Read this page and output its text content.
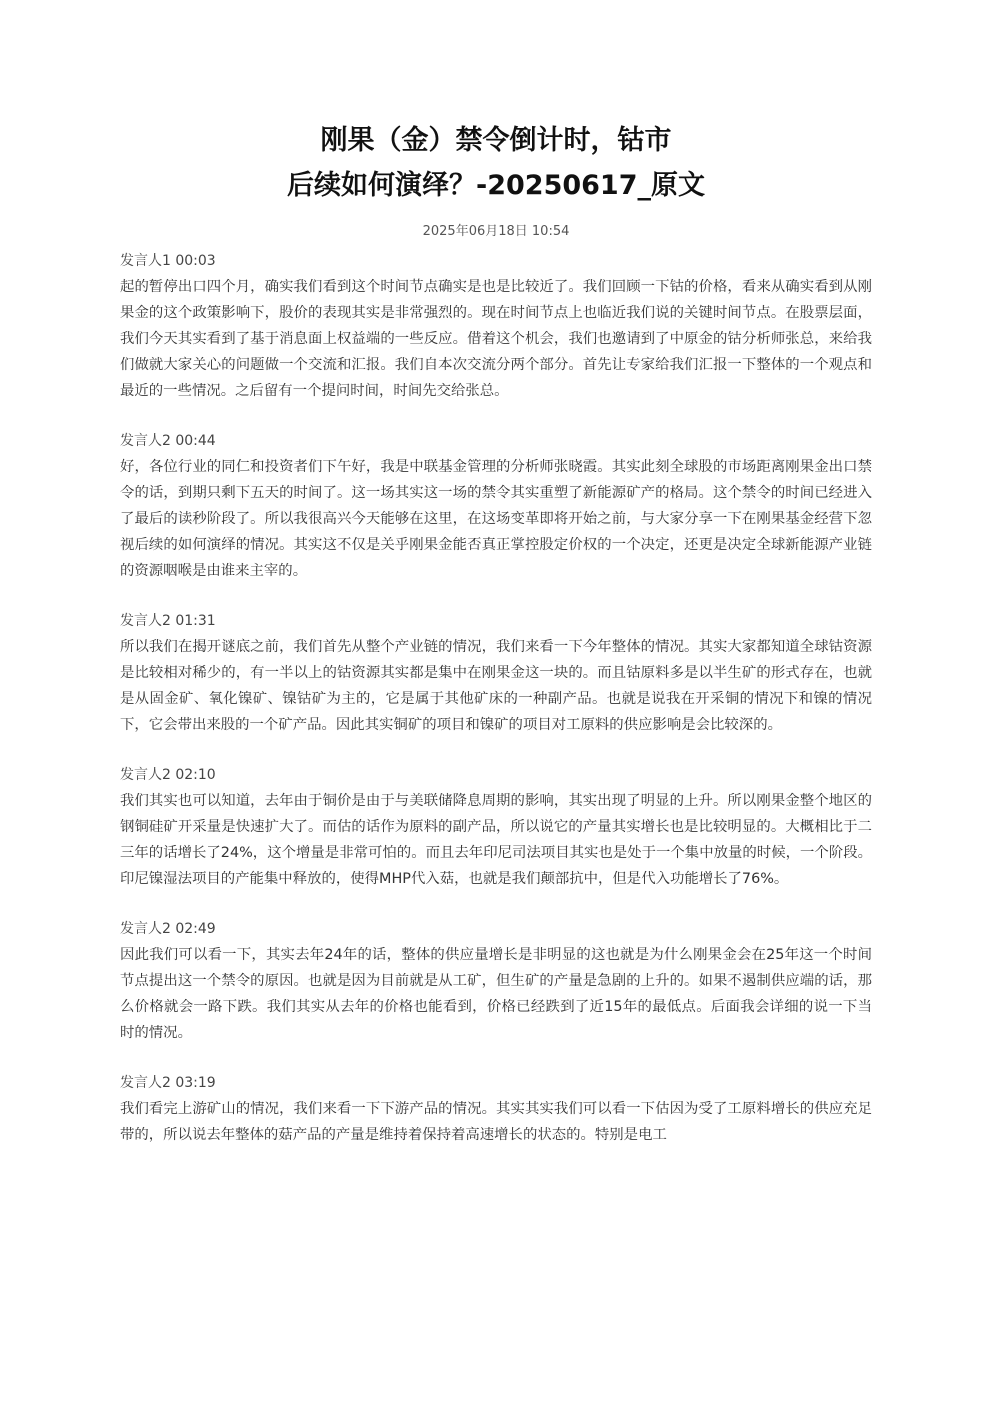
刚果（金）禁令倒计时，钴市
后续如何演绎？-20250617_原文
2025年06月18日 10:54
发言人1 00:03
起的暂停出口四个月，确实我们看到这个时间节点确实是也是比较近了。我们回顾一下钴的价格，看来从确实看到从刚果金的这个政策影响下，股价的表现其实是非常强烈的。现在时间节点上也临近我们说的关键时间节点。在股票层面，我们今天其实看到了基于消息面上权益端的一些反应。借着这个机会，我们也邀请到了中原金的钴分析师张总，来给我们做就大家关心的问题做一个交流和汇报。我们自本次交流分两个部分。首先让专家给我们汇报一下整体的一个观点和最近的一些情况。之后留有一个提问时间，时间先交给张总。
发言人2 00:44
好，各位行业的同仁和投资者们下午好，我是中联基金管理的分析师张晓霞。其实此刻全球股的市场距离刚果金出口禁令的话，到期只剩下五天的时间了。这一场其实这一场的禁令其实重塑了新能源矿产的格局。这个禁令的时间已经进入了最后的读秒阶段了。所以我很高兴今天能够在这里，在这场变革即将开始之前，与大家分享一下在刚果基金经营下忽视后续的如何演绎的情况。其实这不仅是关乎刚果金能否真正掌控股定价权的一个决定，还更是决定全球新能源产业链的资源咽喉是由谁来主宰的。
发言人2 01:31
所以我们在揭开谜底之前，我们首先从整个产业链的情况，我们来看一下今年整体的情况。其实大家都知道全球钴资源是比较相对稀少的，有一半以上的钴资源其实都是集中在刚果金这一块的。而且钴原料多是以半生矿的形式存在，也就是从固金矿、氧化镍矿、镍钴矿为主的，它是属于其他矿床的一种副产品。也就是说我在开采铜的情况下和镍的情况下，它会带出来股的一个矿产品。因此其实铜矿的项目和镍矿的项目对工原料的供应影响是会比较深的。
发言人2 02:10
我们其实也可以知道，去年由于铜价是由于与美联储降息周期的影响，其实出现了明显的上升。所以刚果金整个地区的钢铜硅矿开采量是快速扩大了。而估的话作为原料的副产品，所以说它的产量其实增长也是比较明显的。大概相比于二三年的话增长了24%，这个增量是非常可怕的。而且去年印尼司法项目其实也是处于一个集中放量的时候，一个阶段。印尼镍湿法项目的产能集中释放的，使得MHP代入菇，也就是我们颠部抗中，但是代入功能增长了76%。
发言人2 02:49
因此我们可以看一下，其实去年24年的话，整体的供应量增长是非明显的这也就是为什么刚果金会在25年这一个时间节点提出这一个禁令的原因。也就是因为目前就是从工矿，但生矿的产量是急剧的上升的。如果不遏制供应端的话，那么价格就会一路下跌。我们其实从去年的价格也能看到，价格已经跌到了近15年的最低点。后面我会详细的说一下当时的情况。
发言人2 03:19
我们看完上游矿山的情况，我们来看一下下游产品的情况。其实其实我们可以看一下估因为受了工原料增长的供应充足带的，所以说去年整体的菇产品的产量是维持着保持着高速增长的状态的。特别是电工
